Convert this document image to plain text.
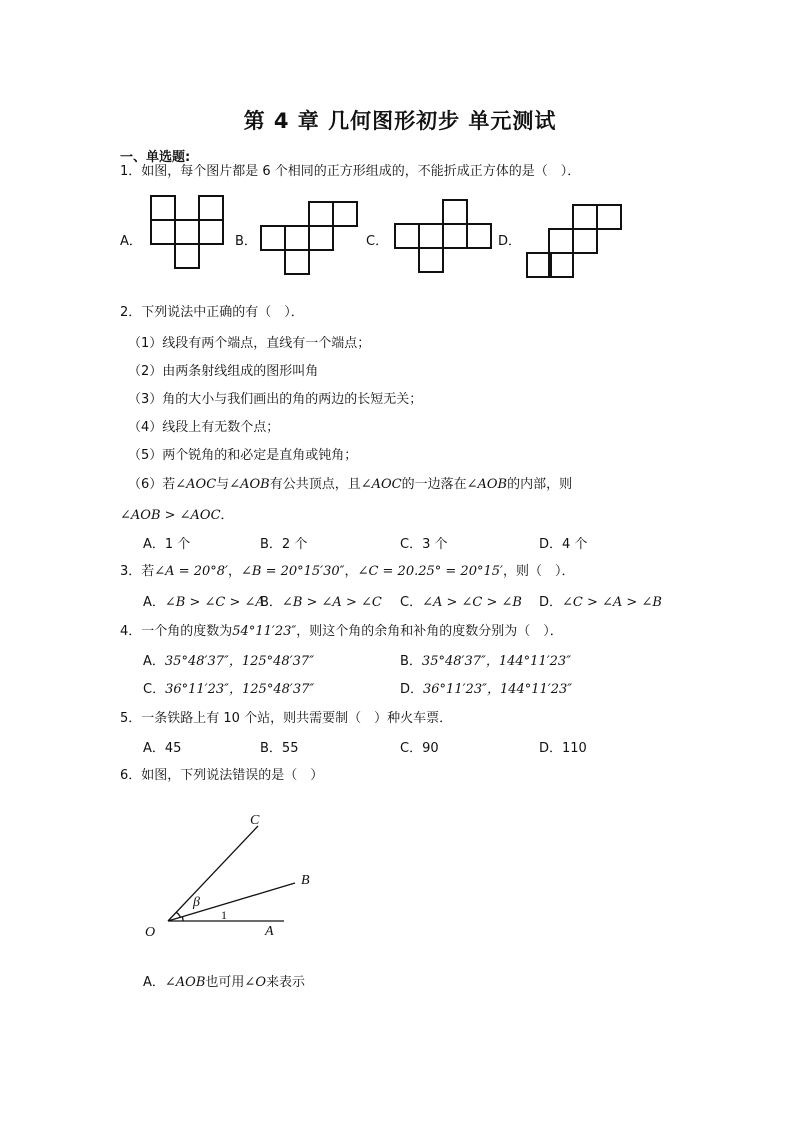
第 4 章 几何图形初步 单元测试
一、单选题:
1．如图，每个图片都是 6 个相同的正方形组成的，不能折成正方体的是（　）．
A．	B．	C．	D．
2．下列说法中正确的有（　）．
（1）线段有两个端点，直线有一个端点；
（2）由两条射线组成的图形叫角
（3）角的大小与我们画出的角的两边的长短无关；
（4）线段上有无数个点；
（5）两个锐角的和必定是直角或钝角；
（6）若∠AOC与∠AOB有公共顶点，且∠AOC的一边落在∠AOB的内部，则
∠AOB > ∠AOC．
A．1 个	B．2 个	C．3 个	D．4 个
3．若∠A = 20°8′，∠B = 20°15′30″，∠C = 20.25° = 20°15′，则（　）．
A．∠B > ∠C > ∠A
B．∠B > ∠A > ∠C C．∠A > ∠C > ∠B D．∠C > ∠A > ∠B
4．一个角的度数为54°11′23″，则这个角的余角和补角的度数分别为（　）．
A．35°48′37″，125°48′37″	B．35°48′37″，144°11′23″
C．36°11′23″，125°48′37″	D．36°11′23″，144°11′23″
5．一条铁路上有 10 个站，则共需要制（　）种火车票．
A．45	B．55	C．90	D．110
6．如图，下列说法错误的是（　）
C
B
β
O	A
1
A．∠AOB也可用∠O来表示
